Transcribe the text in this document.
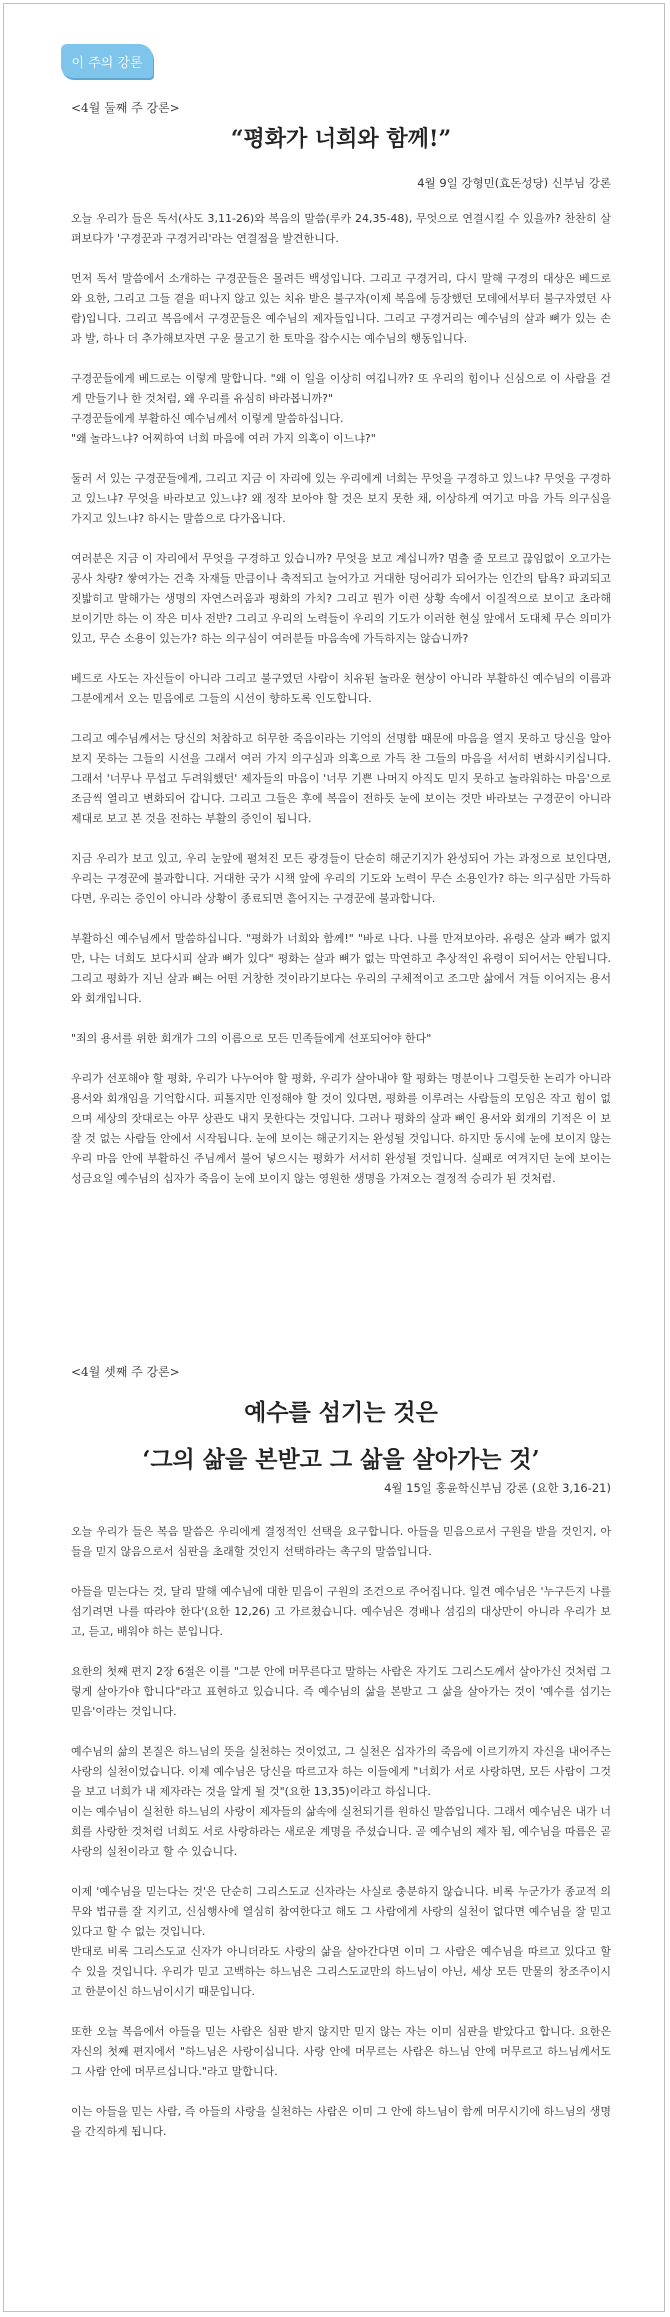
이 주의 강론
<4월 둘째 주 강론>
“평화가 너희와 함께!”
4월 9일 강형민(효돈성당) 신부님 강론

오늘 우리가 들은 독서(사도 3,11-26)와 복음의 말씀(루카 24,35-48), 무엇으로 연결시킬 수 있을까? 찬찬히 살펴보다가 '구경꾼과 구경거리'라는 연결점을 발견한니다.

먼저 독서 말씀에서 소개하는 구경꾼들은 몰려든 백성입니다. 그리고 구경거리, 다시 말해 구경의 대상은 베드로와 요한, 그리고 그들 곁을 떠나지 않고 있는 치유 받은 불구자(이제 복음에 등장했던 모데에서부터 불구자였던 사람)입니다. 그리고 복음에서 구경꾼들은 예수님의 제자들입니다. 그리고 구경거리는 예수님의 살과 뼈가 있는 손과 발, 하나 더 추가해보자면 구운 물고기 한 토막을 잡수시는 예수님의 행동입니다.

구경꾼들에게 베드로는 이렇게 말합니다. "왜 이 일을 이상히 여깁니까? 또 우리의 힘이나 신심으로 이 사람을 걷게 만들기나 한 것처럼, 왜 우리를 유심히 바라봅니까?"

구경꾼들에게 부활하신 예수님께서 이렇게 말씀하십니다.

"왜 놀라느냐? 어찌하여 너희 마음에 여러 가지 의혹이 이느냐?"

둘러 서 있는 구경꾼들에게, 그리고 지금 이 자리에 있는 우리에게 너희는 무엇을 구경하고 있느냐? 무엇을 구경하고 있느냐? 무엇을 바라보고 있느냐? 왜 정작 보아야 할 것은 보지 못한 채, 이상하게 여기고 마음 가득 의구심을 가지고 있느냐? 하시는 말씀으로 다가옵니다.

여러분은 지금 이 자리에서 무엇을 구경하고 있습니까? 무엇을 보고 계십니까? 멈출 줄 모르고 끊임없이 오고가는 공사 차량? 쌓여가는 건축 자재들 만큼이나 축적되고 늘어가고 거대한 덩어리가 되어가는 인간의 탐욕? 파괴되고 짓밟히고 말해가는 생명의 자연스러움과 평화의 가치? 그리고 뭔가 이런 상황 속에서 이질적으로 보이고 초라해 보이기만 하는 이 작은 미사 전반? 그리고 우리의 노력들이 우리의 기도가 이러한 현실 앞에서 도대체 무슨 의미가 있고, 무슨 소용이 있는가? 하는 의구심이 여러분들 마음속에 가득하지는 않습니까?

베드로 사도는 자신들이 아니라 그리고 불구였던 사람이 치유된 놀라운 현상이 아니라 부활하신 예수님의 이름과 그분에게서 오는 믿음에로 그들의 시선이 향하도록 인도합니다.

그리고 예수님께서는 당신의 처참하고 허무한 죽음이라는 기억의 선명함 때문에 마음을 열지 못하고 당신을 알아보지 못하는 그들의 시선을 그래서 여러 가지 의구심과 의혹으로 가득 찬 그들의 마음을 서서히 변화시키십니다. 그래서 '너무나 무섭고 두려워했던' 제자들의 마음이 '너무 기쁜 나머지 아직도 믿지 못하고 놀라워하는 마음'으로 조금씩 열리고 변화되어 갑니다. 그리고 그들은 후에 복음이 전하듯 눈에 보이는 것만 바라보는 구경꾼이 아니라 제대로 보고 본 것을 전하는 부활의 증인이 됩니다.

지금 우리가 보고 있고, 우리 눈앞에 펼쳐진 모든 광경들이 단순히 해군기지가 완성되어 가는 과정으로 보인다면, 우리는 구경꾼에 불과합니다. 거대한 국가 시책 앞에 우리의 기도와 노력이 무슨 소용인가? 하는 의구심만 가득하다면, 우리는 증인이 아니라 상황이 종료되면 흩어지는 구경꾼에 불과합니다.

부활하신 예수님께서 말씀하십니다. "평화가 너희와 함께!" "바로 나다. 나를 만져보아라. 유령은 살과 뼈가 없지만, 나는 너희도 보다시피 살과 뼈가 있다" 평화는 살과 뼈가 없는 막연하고 추상적인 유령이 되어서는 안됩니다. 그리고 평화가 지닌 살과 뼈는 어떤 거창한 것이라기보다는 우리의 구체적이고 조그만 삶에서 겨들 이어지는 용서와 회개입니다.

"죄의 용서를 위한 회개가 그의 이름으로 모든 민족들에게 선포되어야 한다"

우리가 선포해야 할 평화, 우리가 나누어야 할 평화, 우리가 살아내야 할 평화는 명분이나 그럴듯한 논리가 아니라 용서와 회개임을 기억합시다. 피톨지만 인정해야 할 것이 있다면, 평화를 이루려는 사람들의 모임은 작고 힘이 없으며 세상의 잣대로는 아무 상관도 내지 못한다는 것입니다. 그러나 평화의 살과 뼈인 용서와 회개의 기적은 이 보잘 것 없는 사람들 안에서 시작됩니다. 눈에 보이는 해군기지는 완성될 것입니다. 하지만 동시에 눈에 보이지 않는 우리 마음 안에 부활하신 주님께서 불어 넣으시는 평화가 서서히 완성될 것입니다. 실패로 여겨지던 눈에 보이는 성금요일 예수님의 십자가 죽음이 눈에 보이지 않는 영원한 생명을 가져오는 결정적 승리가 된 것처럼.

<4월 셋째 주 강론>
예수를 섬기는 것은
‘그의 삶을 본받고 그 삶을 살아가는 것’
4월 15일 홍윤학신부님 강론 (요한 3,16-21)

오늘 우리가 들은 복음 말씀은 우리에게 결정적인 선택을 요구합니다. 아들을 믿음으로서 구원을 받을 것인지, 아들을 믿지 않음으로서 심판을 초래할 것인지 선택하라는 촉구의 말씀입니다.

아들을 믿는다는 것, 달리 말해 예수님에 대한 믿음이 구원의 조건으로 주어집니다. 일견 예수님은 '누구든지 나를 섬기려면 나를 따라야 한다'(요한 12,26) 고 가르쳤습니다. 예수님은 경배나 섬김의 대상만이 아니라 우리가 보고, 듣고, 배워야 하는 분입니다.

요한의 첫째 편지 2장 6절은 이를 "그분 안에 머무른다고 말하는 사람은 자기도 그리스도께서 살아가신 것처럼 그렇게 살아가야 합니다"라고 표현하고 있습니다. 즉 예수님의 삶을 본받고 그 삶을 살아가는 것이 '예수를 섬기는 믿음'이라는 것입니다.

예수님의 삶의 본질은 하느님의 뜻을 실천하는 것이었고, 그 실천은 십자가의 죽음에 이르기까지 자신을 내어주는 사랑의 실천이었습니다. 이제 예수님은 당신을 따르고자 하는 이들에게 "너희가 서로 사랑하면, 모든 사람이 그것을 보고 너희가 내 제자라는 것을 알게 될 것"(요한 13,35)이라고 하십니다.

이는 예수님이 실천한 하느님의 사랑이 제자들의 삶속에 실천되기를 원하신 말씀입니다. 그래서 예수님은 내가 너희를 사랑한 것처럼 너희도 서로 사랑하라는 새로운 계명을 주셨습니다. 곧 예수님의 제자 됨, 예수님을 따름은 곧 사랑의 실천이라고 할 수 있습니다.

이제 '예수님을 믿는다는 것'은 단순히 그리스도교 신자라는 사실로 충분하지 않습니다. 비록 누군가가 종교적 의무와 법규를 잘 지키고, 신심행사에 열심히 참여한다고 해도 그 사람에게 사랑의 실천이 없다면 예수님을 잘 믿고 있다고 할 수 없는 것입니다.

반대로 비록 그리스도교 신자가 아니더라도 사랑의 삶을 살아간다면 이미 그 사람은 예수님을 따르고 있다고 할 수 있을 것입니다. 우리가 믿고 고백하는 하느님은 그리스도교만의 하느님이 아닌, 세상 모든 만물의 창조주이시고 한분이신 하느님이시기 때문입니다.

또한 오늘 복음에서 아들을 믿는 사람은 심판 받지 않지만 믿지 않는 자는 이미 심판을 받았다고 합니다. 요한은 자신의 첫째 편지에서 "하느님은 사랑이십니다. 사랑 안에 머무르는 사람은 하느님 안에 머무르고 하느님께서도 그 사람 안에 머무르십니다."라고 말합니다.

이는 아들을 믿는 사람, 즉 아들의 사랑을 실천하는 사람은 이미 그 안에 하느님이 함께 머무시기에 하느님의 생명을 간직하게 됩니다.
